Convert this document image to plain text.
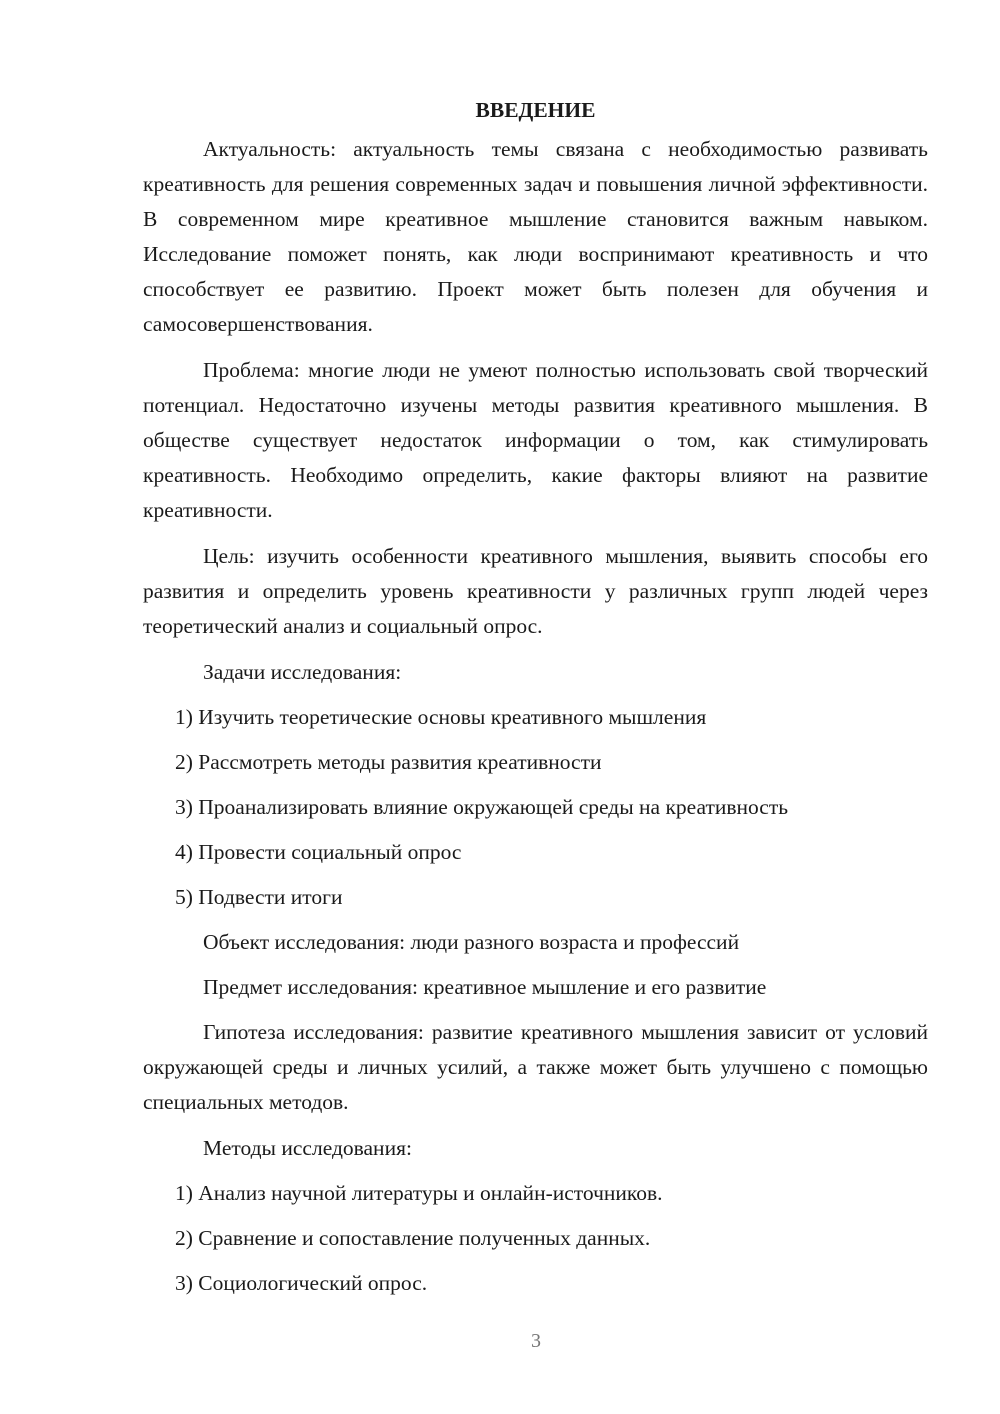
ВВЕДЕНИЕ

Актуальность: актуальность темы связана с необходимостью развивать креативность для решения современных задач и повышения личной эффективности. В современном мире креативное мышление становится важным навыком. Исследование поможет понять, как люди воспринимают креативность и что способствует ее развитию. Проект может быть полезен для обучения и самосовершенствования.

Проблема: многие люди не умеют полностью использовать свой творческий потенциал. Недостаточно изучены методы развития креативного мышления. В обществе существует недостаток информации о том, как стимулировать креативность. Необходимо определить, какие факторы влияют на развитие креативности.

Цель: изучить особенности креативного мышления, выявить способы его развития и определить уровень креативности у различных групп людей через теоретический анализ и социальный опрос.

Задачи исследования:
1) Изучить теоретические основы креативного мышления
2) Рассмотреть методы развития креативности
3) Проанализировать влияние окружающей среды на креативность
4) Провести социальный опрос
5) Подвести итоги
Объект исследования: люди разного возраста и профессий
Предмет исследования: креативное мышление и его развитие

Гипотеза исследования: развитие креативного мышления зависит от условий окружающей среды и личных усилий, а также может быть улучшено с помощью специальных методов.

Методы исследования:
1) Анализ научной литературы и онлайн-источников.
2) Сравнение и сопоставление полученных данных.
3) Социологический опрос.
3
